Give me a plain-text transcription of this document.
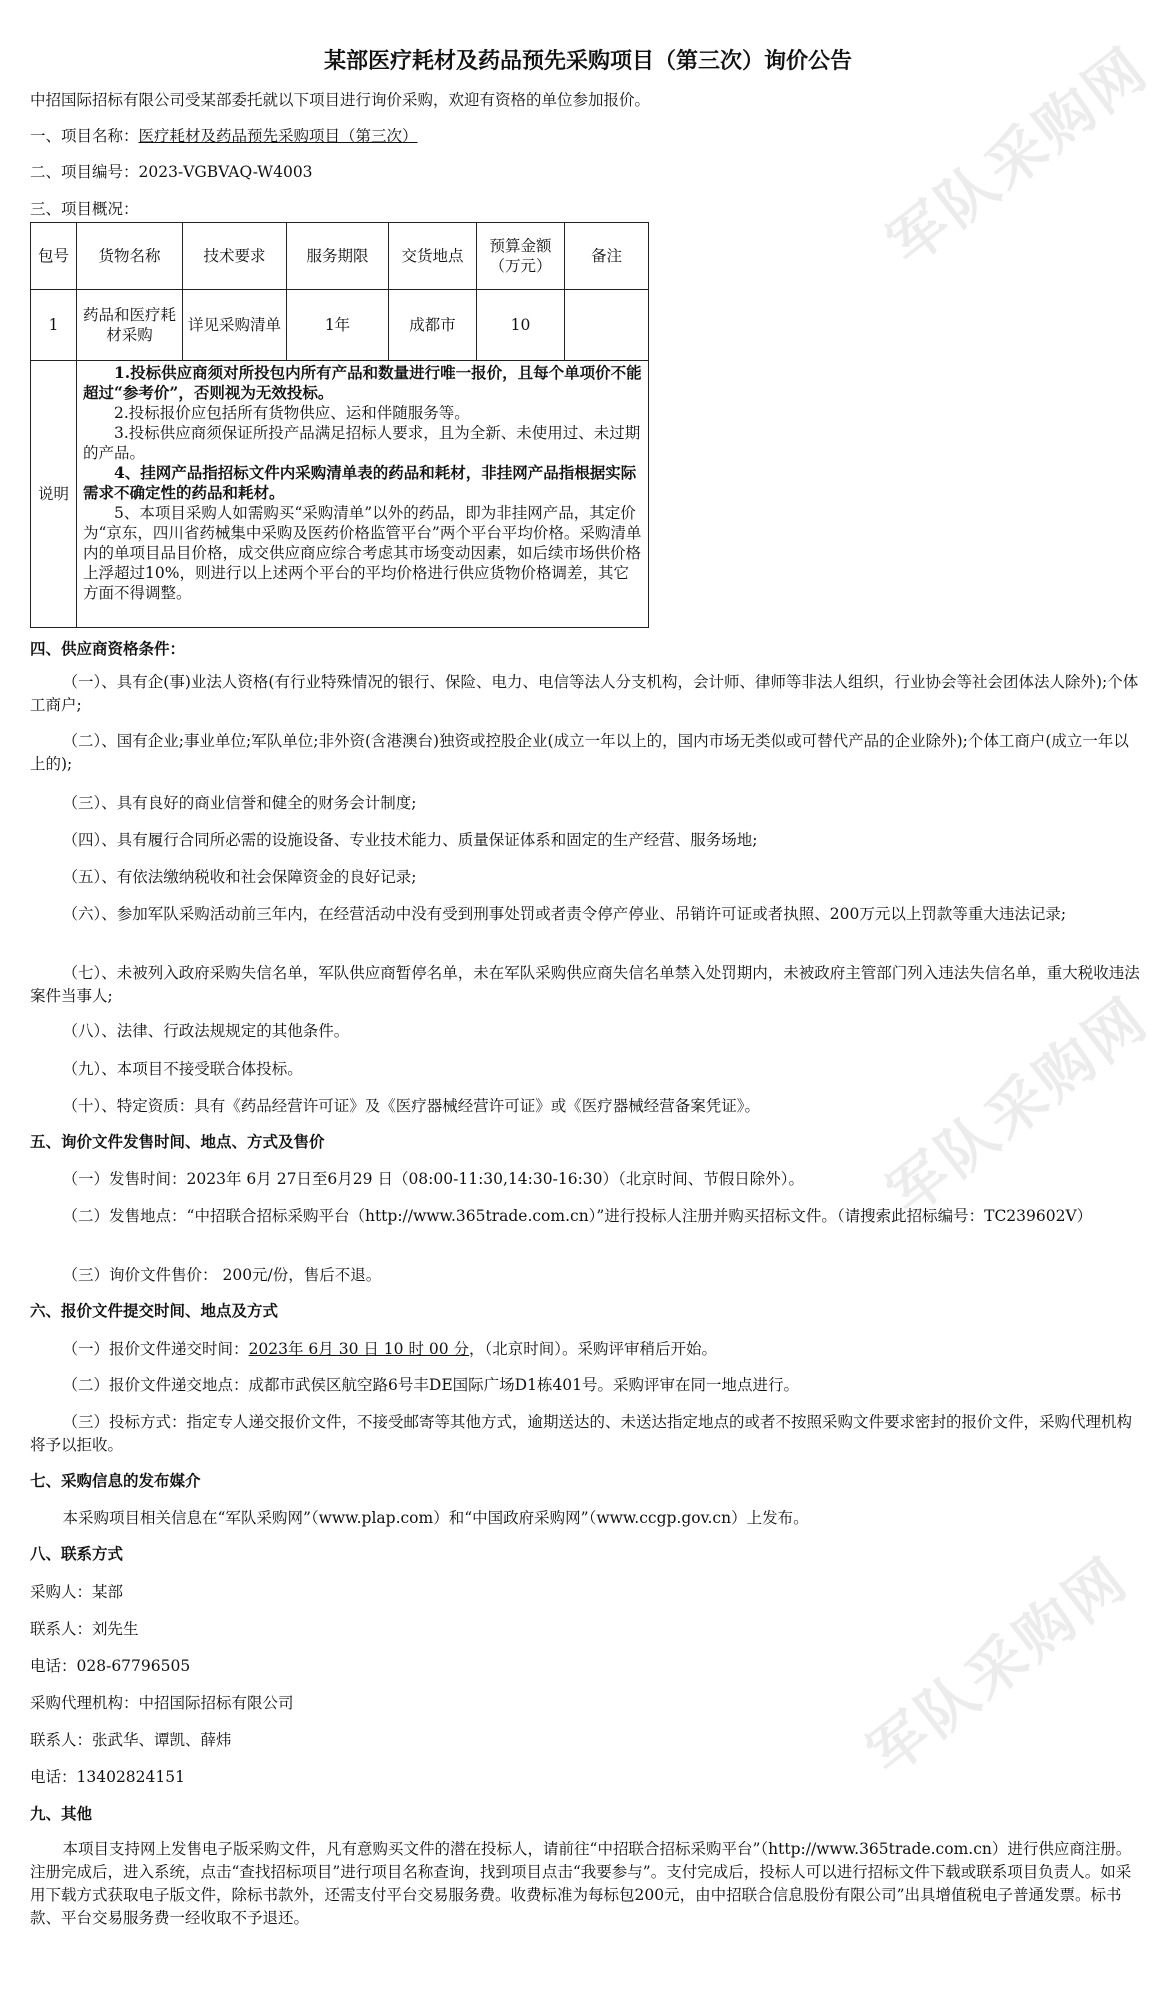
军队采购网
军队采购网
军队采购网
某部医疗耗材及药品预先采购项目（第三次）询价公告
中招国际招标有限公司受某部委托就以下项目进行询价采购，欢迎有资格的单位参加报价。
一、项目名称：医疗耗材及药品预先采购项目（第三次）
二、项目编号：2023-VGBVAQ-W4003
三、项目概况：
包号	货物名称	技术要求	服务期限	交货地点	预算金额（万元）	备注
1	药品和医疗耗材采购	详见采购清单	1年	成都市	10	
说明	1.投标供应商须对所投包内所有产品和数量进行唯一报价，且每个单项价不能超过“参考价”，否则视为无效投标。

2.投标报价应包括所有货物供应、运和伴随服务等。

3.投标供应商须保证所投产品满足招标人要求，且为全新、未使用过、未过期的产品。

4、挂网产品指招标文件内采购清单表的药品和耗材，非挂网产品指根据实际需求不确定性的药品和耗材。

5、本项目采购人如需购买“采购清单”以外的药品，即为非挂网产品，其定价为“京东，四川省药械集中采购及医药价格监管平台”两个平台平均价格。采购清单内的单项目品目价格，成交供应商应综合考虑其市场变动因素，如后续市场供价格上浮超过10%，则进行以上述两个平台的平均价格进行供应货物价格调差，其它方面不得调整。					

四、供应商资格条件：
（一）、具有企(事)业法人资格(有行业特殊情况的银行、保险、电力、电信等法人分支机构，会计师、律师等非法人组织，行业协会等社会团体法人除外);个体工商户;
（二）、国有企业;事业单位;军队单位;非外资(含港澳台)独资或控股企业(成立一年以上的，国内市场无类似或可替代产品的企业除外);个体工商户(成立一年以上的);
（三）、具有良好的商业信誉和健全的财务会计制度;
（四）、具有履行合同所必需的设施设备、专业技术能力、质量保证体系和固定的生产经营、服务场地;
（五）、有依法缴纳税收和社会保障资金的良好记录;
（六）、参加军队采购活动前三年内，在经营活动中没有受到刑事处罚或者责令停产停业、吊销许可证或者执照、200万元以上罚款等重大违法记录;
（七）、未被列入政府采购失信名单，军队供应商暂停名单，未在军队采购供应商失信名单禁入处罚期内，未被政府主管部门列入违法失信名单，重大税收违法案件当事人;
（八）、法律、行政法规规定的其他条件。
（九）、本项目不接受联合体投标。
（十）、特定资质：具有《药品经营许可证》及《医疗器械经营许可证》或《医疗器械经营备案凭证》。
五、询价文件发售时间、地点、方式及售价
（一）发售时间：2023年 6月 27日至6月29 日（08:00-11:30,14:30-16:30）（北京时间、节假日除外）。
（二）发售地点：“中招联合招标采购平台（http://www.365trade.com.cn）”进行投标人注册并购买招标文件。（请搜索此招标编号：TC239602V）
（三）询价文件售价： 200元/份，售后不退。
六、报价文件提交时间、地点及方式
（一）报价文件递交时间：2023年 6月 30 日 10 时 00 分，（北京时间）。采购评审稍后开始。
（二）报价文件递交地点：成都市武侯区航空路6号丰DE国际广场D1栋401号。采购评审在同一地点进行。
（三）投标方式：指定专人递交报价文件，不接受邮寄等其他方式，逾期送达的、未送达指定地点的或者不按照采购文件要求密封的报价文件，采购代理机构将予以拒收。
七、采购信息的发布媒介
本采购项目相关信息在“军队采购网”（www.plap.com）和“中国政府采购网”（www.ccgp.gov.cn）上发布。
八、联系方式
采购人：某部
联系人：刘先生
电话：028-67796505
采购代理机构：中招国际招标有限公司
联系人：张武华、谭凯、薛炜
电话：13402824151
九、其他
本项目支持网上发售电子版采购文件，凡有意购买文件的潜在投标人，请前往“中招联合招标采购平台”（http://www.365trade.com.cn）进行供应商注册。注册完成后，进入系统，点击“查找招标项目”进行项目名称查询，找到项目点击“我要参与”。支付完成后，投标人可以进行招标文件下载或联系项目负责人。如采用下载方式获取电子版文件，除标书款外，还需支付平台交易服务费。收费标准为每标包200元，由中招联合信息股份有限公司”出具增值税电子普通发票。标书款、平台交易服务费一经收取不予退还。
